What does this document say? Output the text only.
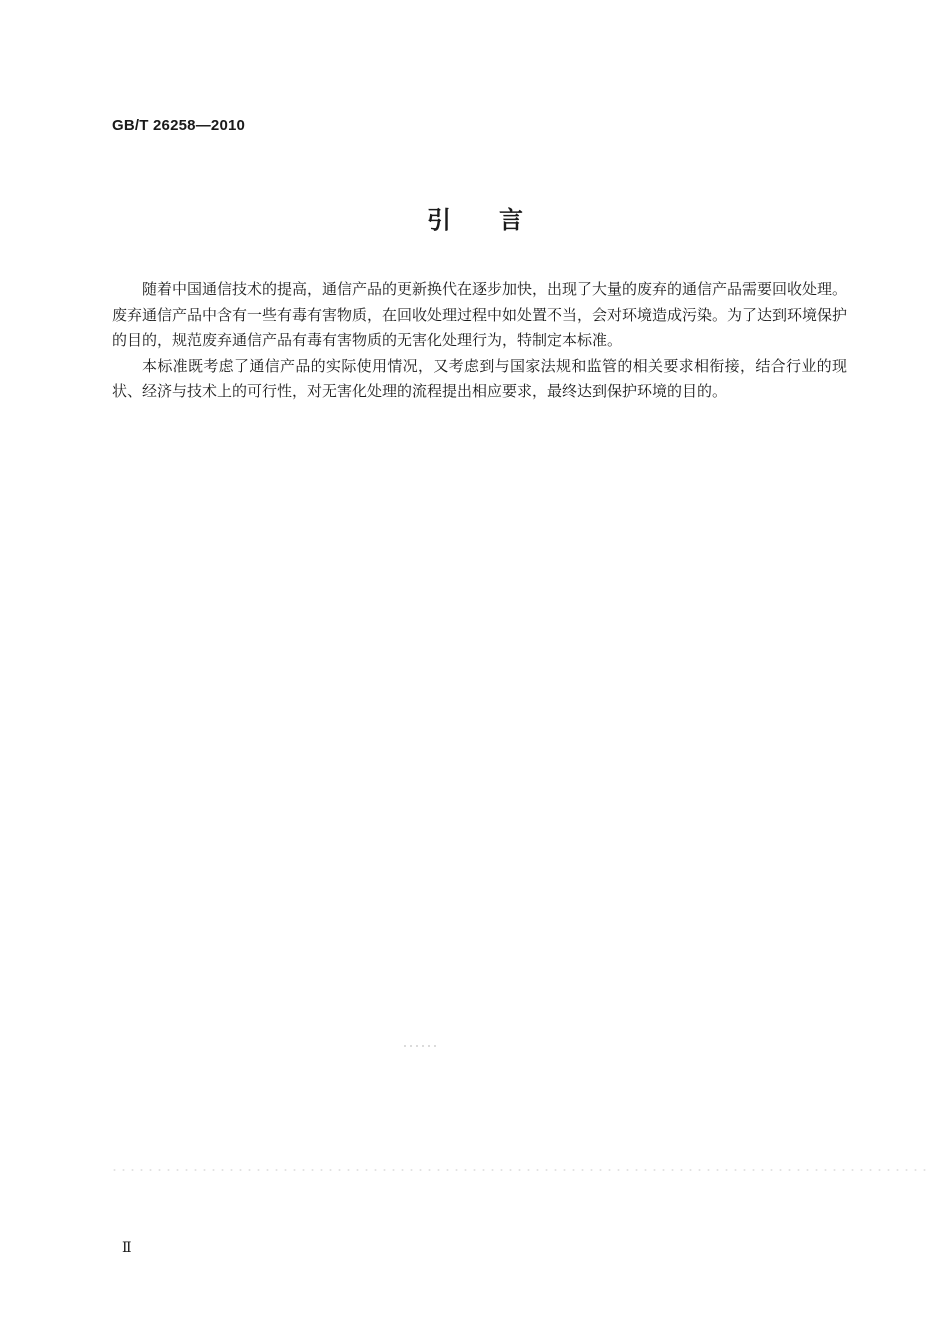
GB/T 26258—2010
引言

随着中国通信技术的提高，通信产品的更新换代在逐步加快，出现了大量的废弃的通信产品需要回收处理。废弃通信产品中含有一些有毒有害物质，在回收处理过程中如处置不当，会对环境造成污染。为了达到环境保护的目的，规范废弃通信产品有毒有害物质的无害化处理行为，特制定本标准。

本标准既考虑了通信产品的实际使用情况，又考虑到与国家法规和监管的相关要求相衔接，结合行业的现状、经济与技术上的可行性，对无害化处理的流程提出相应要求，最终达到保护环境的目的。

Ⅱ
